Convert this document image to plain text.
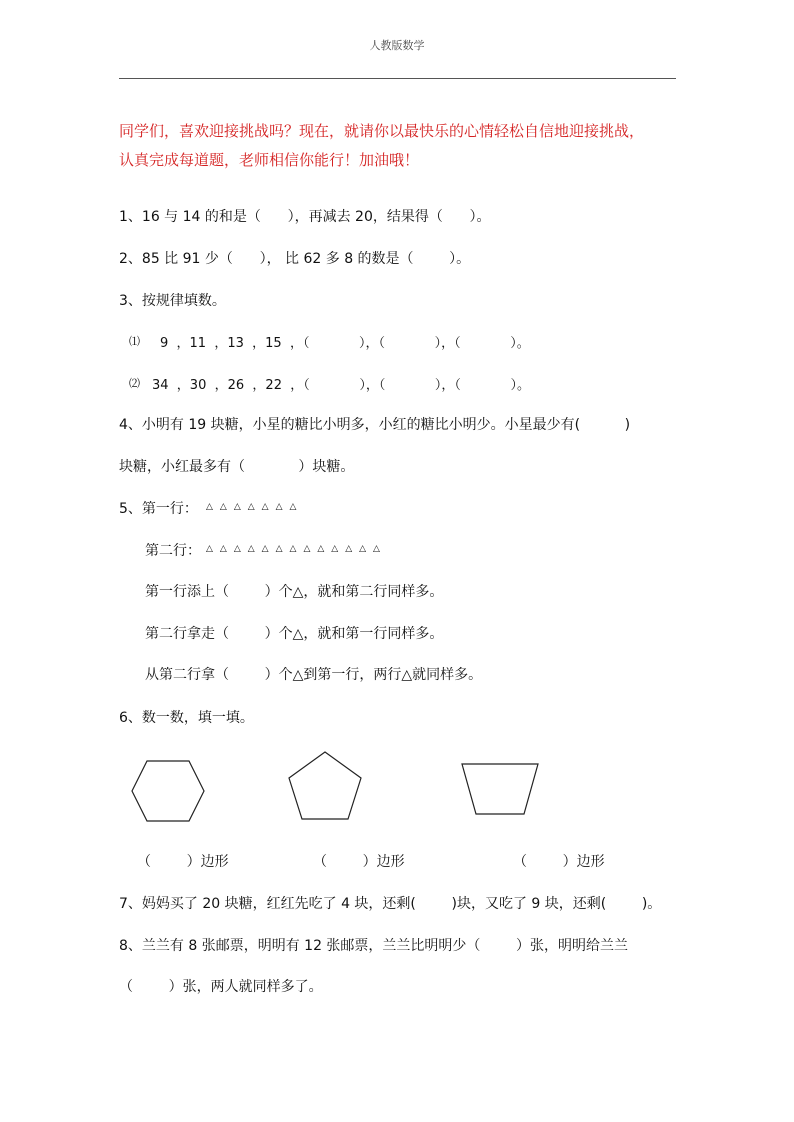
人教版数学
同学们，喜欢迎接挑战吗？现在，就请你以最快乐的心情轻松自信地迎接挑战，
认真完成每道题，老师相信你能行！加油哦！
1、16 与 14 的和是（      ），再减去 20，结果得（      ）。
2、85 比 91 少（      ）， 比 62 多 8 的数是（        ）。
3、按规律填数。
⑴ 9  ，11  ，13  ，15  ，（            ），（            ），（            ）。
⑵ 34  ，30  ，26  ，22  ，（            ），（            ），（            ）。
4、小明有 19 块糖，小星的糖比小明多，小红的糖比小明少。小星最少有(          )
块糖，小红最多有（            ）块糖。
5、第一行： △△△△△△△
第二行： △△△△△△△△△△△△△
第一行添上（        ）个△，就和第二行同样多。
第二行拿走（        ）个△，就和第一行同样多。
从第二行拿（        ）个△到第一行，两行△就同样多。
6、数一数，填一填。
（        ）边形	（        ）边形	（        ）边形
7、妈妈买了 20 块糖，红红先吃了 4 块，还剩(        )块，又吃了 9 块，还剩(        )。
8、兰兰有 8 张邮票，明明有 12 张邮票，兰兰比明明少（        ）张，明明给兰兰
（        ）张，两人就同样多了。
